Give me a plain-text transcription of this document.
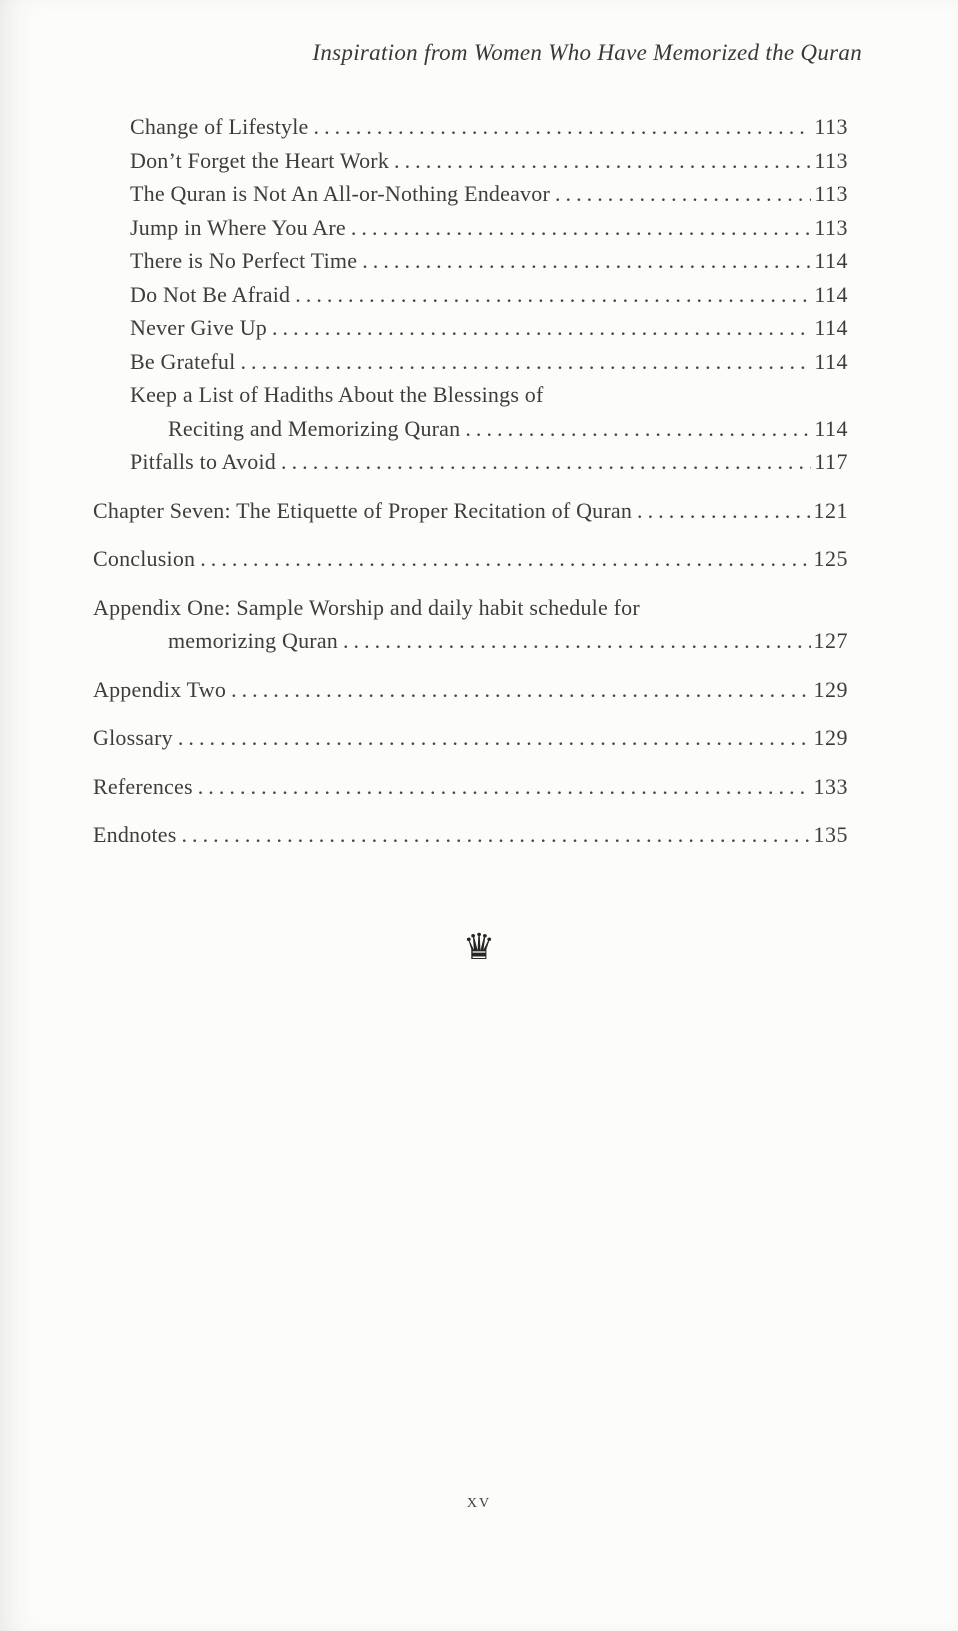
Inspiration from Women Who Have Memorized the Quran
Change of Lifestyle .....	113
Don’t Forget the Heart Work .....	113
The Quran is Not An All-or-Nothing Endeavor .....	113
Jump in Where You Are .....	113
There is No Perfect Time .....	114
Do Not Be Afraid .....	114
Never Give Up .....	114
Be Grateful .....	114
Keep a List of Hadiths About the Blessings of
Reciting and Memorizing Quran .....	114
Pitfalls to Avoid .....	117
Chapter Seven: The Etiquette of Proper Recitation of Quran .....	121
Conclusion .....	125
Appendix One: Sample Worship and daily habit schedule for
memorizing Quran .....	127
Appendix Two .....	129
Glossary .....	129
References .....	133
Endnotes .....	135
♛
xv
